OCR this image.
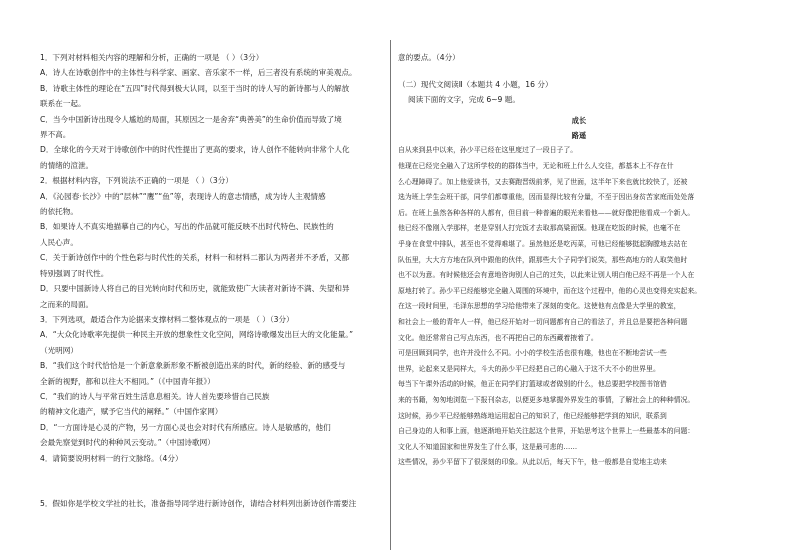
1．下列对材料相关内容的理解和分析，正确的一项是 （ ）（3分）

A．诗人在诗歌创作中的主体性与科学家、画家、音乐家不一样，后三者没有系统的审美观点。

B．诗歌主体性的理论在“五四”时代得到极大认同，以至于当时的诗人写的新诗都与人的解放

联系在一起。

C．当今中国新诗出现令人尴尬的局面，其原因之一是舍弃“典善美”的生命价值而导致了境

界不高。

D．全球化的今天对于诗歌创作中的时代性提出了更高的要求，诗人创作不能转向非常个人化

的情绪的渲泄。

2．根据材料内容，下列说法不正确的一项是 （ ）（3分）

A．《沁园春·长沙》中的“层林”“鹰”“鱼”等，表现诗人的意志情感，成为诗人主观情感

的依托物。

B．如果诗人不真实地描摹自己的内心，写出的作品就可能反映不出时代特色、民族性的

人民心声。

C．关于新诗创作中的个性色彩与时代性的关系，材料一和材料二都认为两者并不矛盾，又都

特别强调了时代性。

D．只要中国新诗人将自己的目光转向时代和历史，就能致使广大读者对新诗不满、失望和异

之而来的局面。

3．下列选项，最适合作为论据来支撑材料二整体观点的一项是 （ ）（3分）

A．“大众化诗歌率先提供一种民主开放的想象性文化空间，网络诗歌爆发出巨大的文化能量。”

（光明网）

B．“我们这个时代恰恰是一个新意象新形象不断被创造出来的时代，新的经验、新的感受与

全新的视野，都和以往大不相同。”（《中国青年报》）

C．“我们的诗人与平常百姓生活息息相关。诗人首先要珍惜自己民族

的精神文化遗产，赋予它当代的阐释。”（中国作家网）

D．“一方面诗是心灵的产物，另一方面心灵也会对时代有所感应。诗人是敏感的，他们

会最先察觉到时代的种种风云变动。”（中国诗歌网）

4．请简要说明材料一的行文脉络。（4分）

5．假如你是学校文学社的社长，准备指导同学进行新诗创作，请结合材料列出新诗创作需要注

意的要点。（4分）

（二）现代文阅读Ⅱ（本题共 4 小题，16 分）

阅读下面的文字，完成 6~9 题。

成长

路遥

自从来到县中以来，孙少平已经在这里度过了一段日子了。

他现在已经完全融入了这所学校的的群体当中，无论和班上什么人交往，都基本上不存在什

么心理障碍了。加上他爱读书，又去赛跑晋级前茅，见了世面，这半年下来也就比较快了，还被

选为班上学生会班干部，同学们都尊重他，因而显得比较有分量，不至于因出身贫苦家庭而处处落

后。在班上虽然各种各样的人都有，但目前一种普遍的眼光来看他——就好像把他看成一个新人。

他已经不像刚入学那样，老是穿别人打完饭才去取那高粱面馍。他现在吃饭的时候，也毫不在

乎身在食堂中排队，甚至也不觉得难堪了。虽然他还是吃丙菜，可他已经能够挺起胸膛地去站在

队伍里，大大方方地在队列中跟他的伙伴，跟那些大个子同学们说笑，那些高地方的人取笑他时

也不以为意。有时候他还会有意地咨询别人自己的过失，以此来让别人明白他已经不再是一个人在

原地打转了。孙少平已经能够完全融入周围的环境中，而在这个过程中，他的心灵也变得充实起来。

在这一段时间里，毛泽东思想的学习给他带来了深刻的变化。这使他有点像是大学里的教室，

和社会上一般的青年人一样，他已经开始对一切问题都有自己的看法了，并且总是要把各种问题

文化。他还常常自己写点东西，也不再把自己的东西藏着掖着了。

可是回顾到同学，也许并没什么不同。小小的学校生活也很有趣，他也在不断地尝试一些

世界，论起来又是同样大，斗大的孙少平已经把自己的心融入于这不大不小的世界里。

每当下午课外活动的时候，他正在同学们打篮球或者做别的什么，他总要把学校图书馆借

来的书籍，匆匆地浏览一下报刊杂志，以便更多地掌握外界发生的事情，了解社会上的种种情况。

这时候，孙少平已经能够熟练地运用起自己的知识了，他已经能够把学到的知识，联系到

自己身边的人和事上面，他逐渐地开始关注起这个世界，开始思考这个世界上一些最基本的问题：

文化人不知道国家和世界发生了什么事，这是最可悲的……

这些情况，孙少平留下了很深刻的印象。从此以后，每天下午，他一般都是自觉地主动来
